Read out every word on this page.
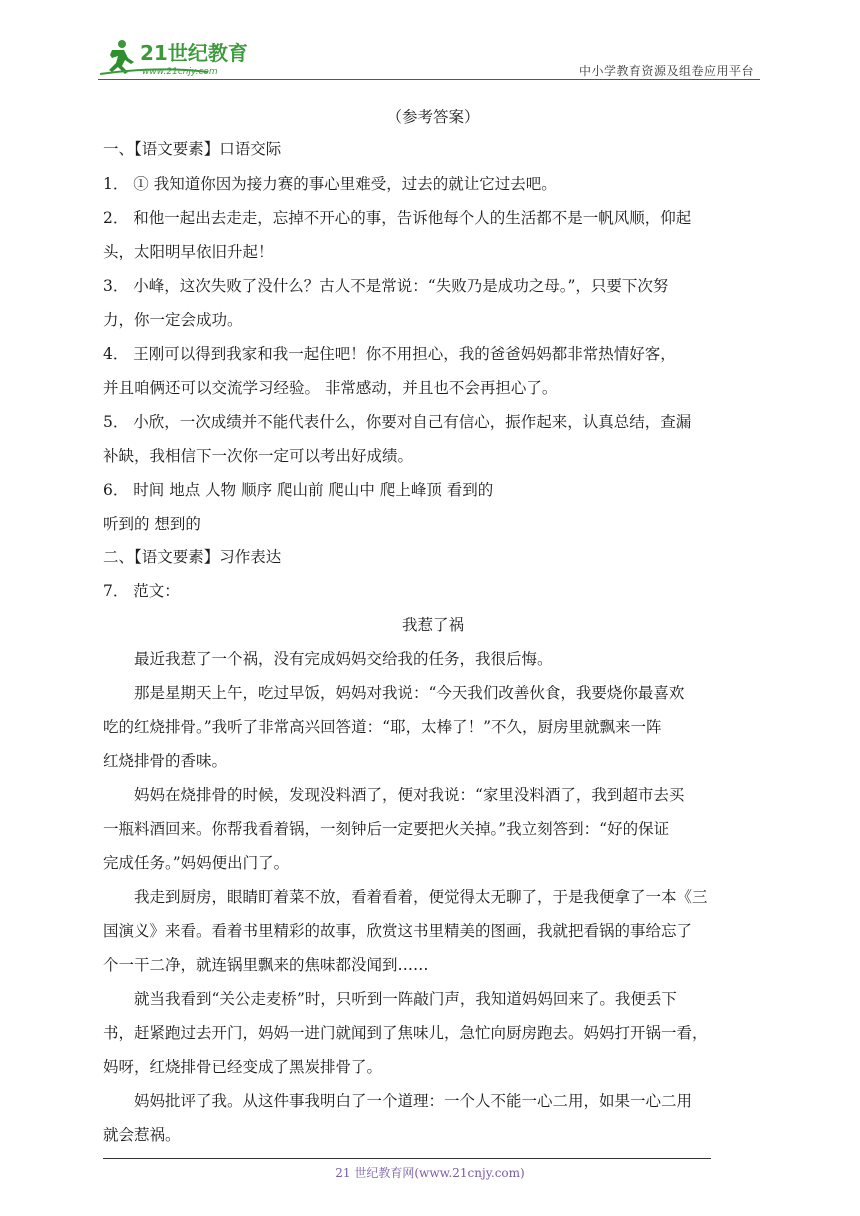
21世纪教育
www.21cnjy.com	中小学教育资源及组卷应用平台
（参考答案）
一、【语文要素】口语交际
1． ① 我知道你因为接力赛的事心里难受，过去的就让它过去吧。
2． 和他一起出去走走，忘掉不开心的事，告诉他每个人的生活都不是一帆风顺，仰起
头，太阳明早依旧升起！
3． 小峰，这次失败了没什么？古人不是常说：“失败乃是成功之母。”，只要下次努
力，你一定会成功。
4． 王刚可以得到我家和我一起住吧！你不用担心，我的爸爸妈妈都非常热情好客，
并且咱俩还可以交流学习经验。 非常感动，并且也不会再担心了。
5． 小欣，一次成绩并不能代表什么，你要对自己有信心，振作起来，认真总结，查漏
补缺，我相信下一次你一定可以考出好成绩。
6． 时间 地点 人物 顺序 爬山前 爬山中 爬上峰顶 看到的
听到的 想到的
二、【语文要素】习作表达
7． 范文：
我惹了祸
最近我惹了一个祸，没有完成妈妈交给我的任务，我很后悔。
那是星期天上午，吃过早饭，妈妈对我说：“今天我们改善伙食，我要烧你最喜欢
吃的红烧排骨。”我听了非常高兴回答道：“耶，太棒了！”不久，厨房里就飘来一阵
红烧排骨的香味。
妈妈在烧排骨的时候，发现没料酒了，便对我说：“家里没料酒了，我到超市去买
一瓶料酒回来。你帮我看着锅，一刻钟后一定要把火关掉。”我立刻答到：“好的保证
完成任务。”妈妈便出门了。
我走到厨房，眼睛盯着菜不放，看着看着，便觉得太无聊了，于是我便拿了一本《三
国演义》来看。看着书里精彩的故事，欣赏这书里精美的图画，我就把看锅的事给忘了
个一干二净，就连锅里飘来的焦味都没闻到……
就当我看到“关公走麦桥”时，只听到一阵敲门声，我知道妈妈回来了。我便丢下
书，赶紧跑过去开门，妈妈一进门就闻到了焦味儿，急忙向厨房跑去。妈妈打开锅一看，
妈呀，红烧排骨已经变成了黑炭排骨了。
妈妈批评了我。从这件事我明白了一个道理：一个人不能一心二用，如果一心二用
就会惹祸。
21 世纪教育网(www.21cnjy.com)
